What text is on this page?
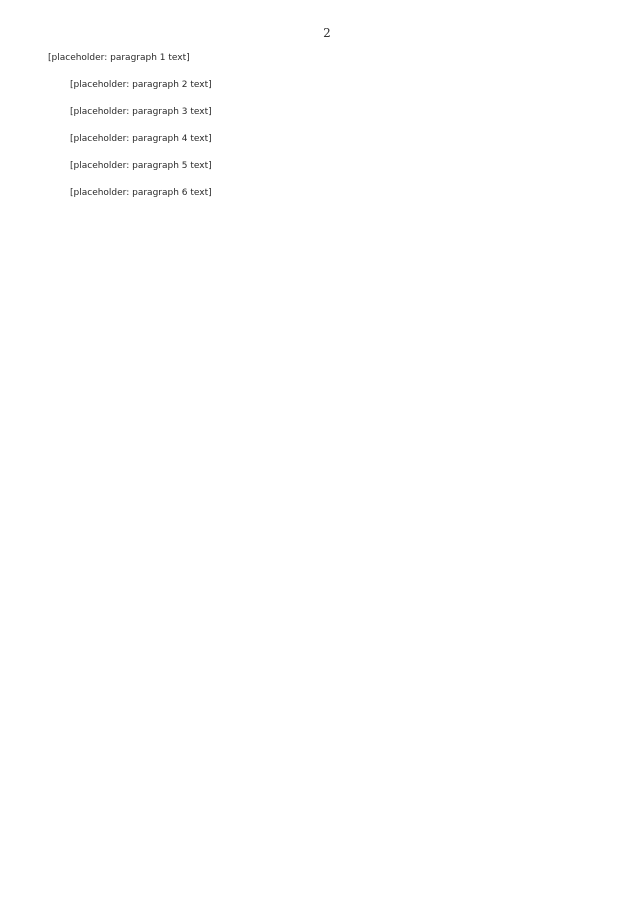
2

[placeholder: paragraph 1 text]

[placeholder: paragraph 2 text]

[placeholder: paragraph 3 text]

[placeholder: paragraph 4 text]

[placeholder: paragraph 5 text]

[placeholder: paragraph 6 text]
